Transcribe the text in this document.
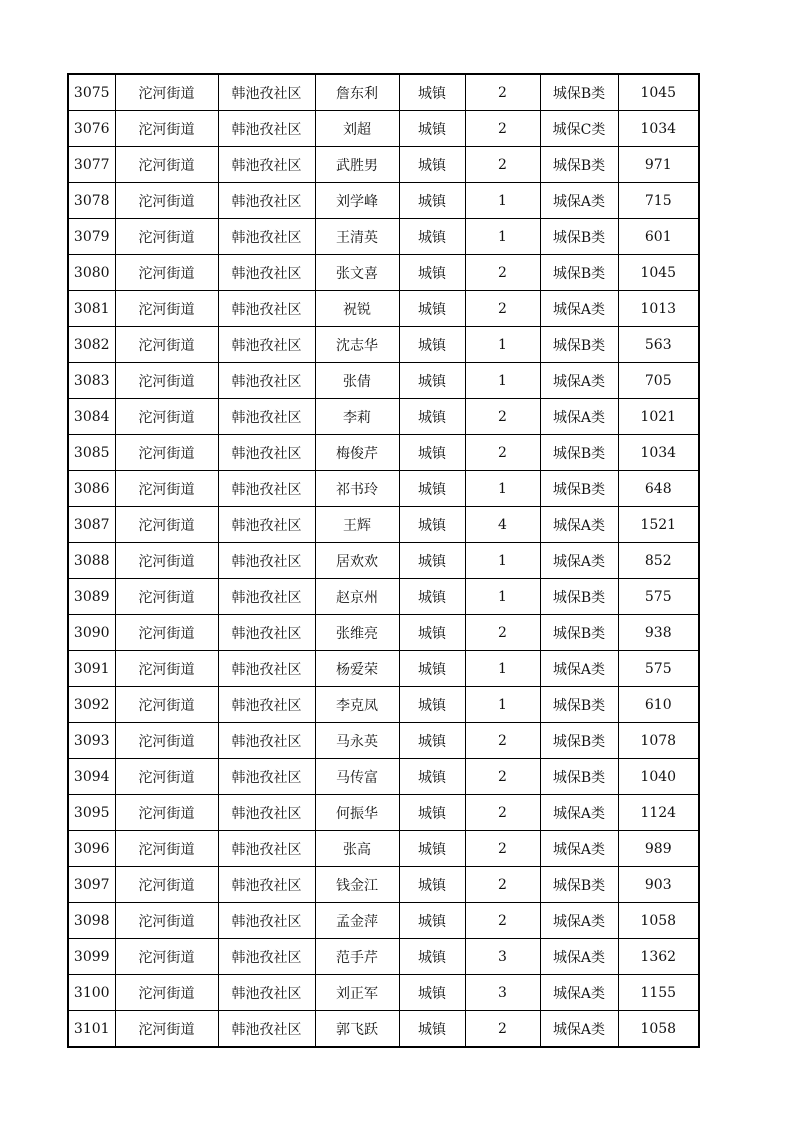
3075	沱河街道	韩池孜社区	詹东利	城镇	2	城保B类	1045
3076	沱河街道	韩池孜社区	刘超	城镇	2	城保C类	1034
3077	沱河街道	韩池孜社区	武胜男	城镇	2	城保B类	971
3078	沱河街道	韩池孜社区	刘学峰	城镇	1	城保A类	715
3079	沱河街道	韩池孜社区	王清英	城镇	1	城保B类	601
3080	沱河街道	韩池孜社区	张文喜	城镇	2	城保B类	1045
3081	沱河街道	韩池孜社区	祝锐	城镇	2	城保A类	1013
3082	沱河街道	韩池孜社区	沈志华	城镇	1	城保B类	563
3083	沱河街道	韩池孜社区	张倩	城镇	1	城保A类	705
3084	沱河街道	韩池孜社区	李莉	城镇	2	城保A类	1021
3085	沱河街道	韩池孜社区	梅俊芹	城镇	2	城保B类	1034
3086	沱河街道	韩池孜社区	祁书玲	城镇	1	城保B类	648
3087	沱河街道	韩池孜社区	王辉	城镇	4	城保A类	1521
3088	沱河街道	韩池孜社区	居欢欢	城镇	1	城保A类	852
3089	沱河街道	韩池孜社区	赵京州	城镇	1	城保B类	575
3090	沱河街道	韩池孜社区	张维亮	城镇	2	城保B类	938
3091	沱河街道	韩池孜社区	杨爱荣	城镇	1	城保A类	575
3092	沱河街道	韩池孜社区	李克凤	城镇	1	城保B类	610
3093	沱河街道	韩池孜社区	马永英	城镇	2	城保B类	1078
3094	沱河街道	韩池孜社区	马传富	城镇	2	城保B类	1040
3095	沱河街道	韩池孜社区	何振华	城镇	2	城保A类	1124
3096	沱河街道	韩池孜社区	张高	城镇	2	城保A类	989
3097	沱河街道	韩池孜社区	钱金江	城镇	2	城保B类	903
3098	沱河街道	韩池孜社区	孟金萍	城镇	2	城保A类	1058
3099	沱河街道	韩池孜社区	范手芹	城镇	3	城保A类	1362
3100	沱河街道	韩池孜社区	刘正军	城镇	3	城保A类	1155
3101	沱河街道	韩池孜社区	郭飞跃	城镇	2	城保A类	1058
